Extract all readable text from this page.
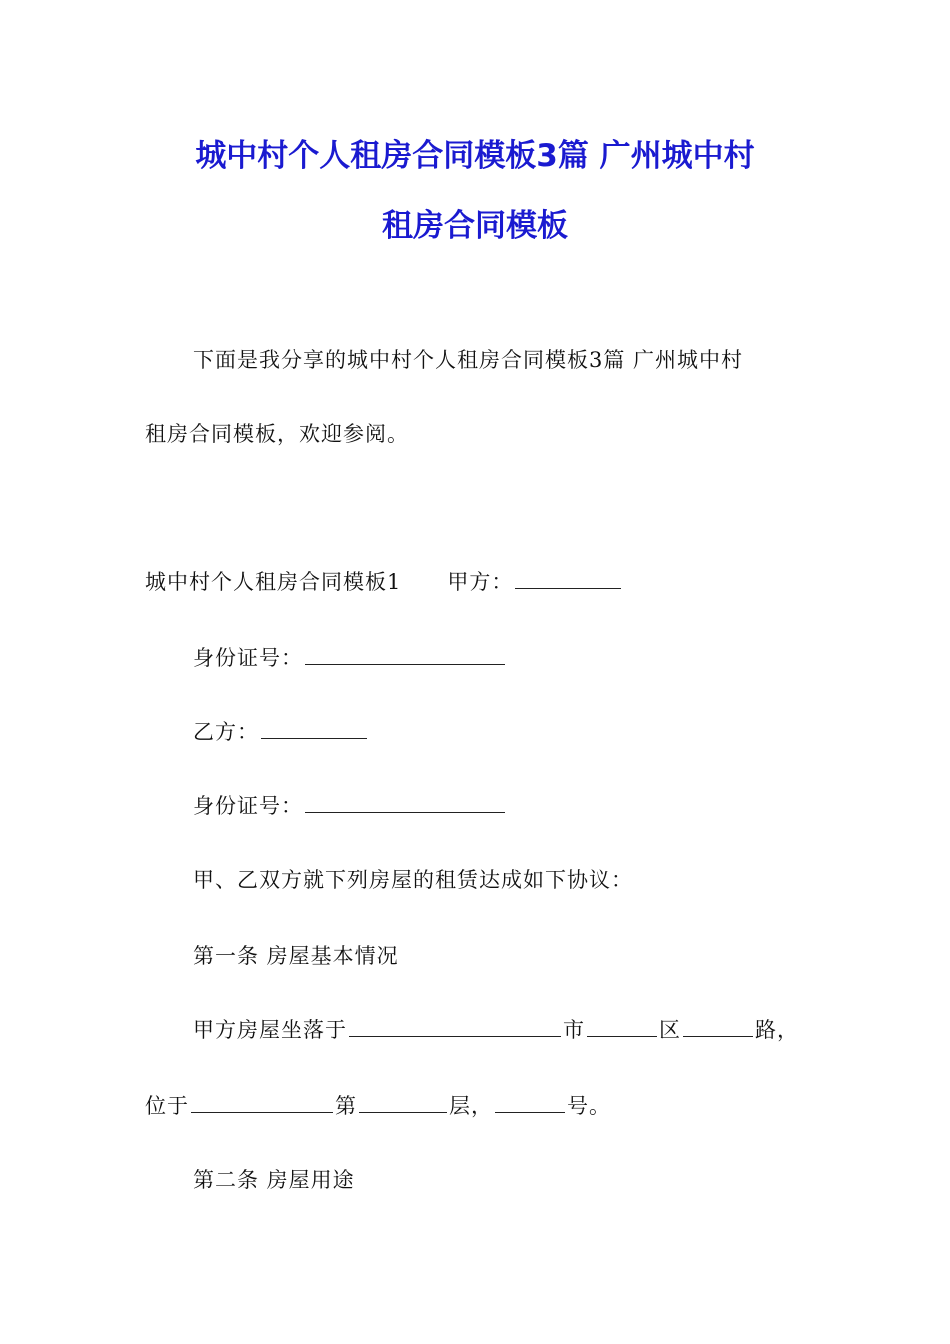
城中村个人租房合同模板3篇 广州城中村
租房合同模板
下面是我分享的城中村个人租房合同模板3篇 广州城中村
租房合同模板，欢迎参阅。
城中村个人租房合同模板1 甲方：
身份证号：
乙方：
身份证号：
甲、乙双方就下列房屋的租赁达成如下协议：
第一条 房屋基本情况
甲方房屋坐落于	市	区	路，
位于	第	层，	号。
第二条 房屋用途
